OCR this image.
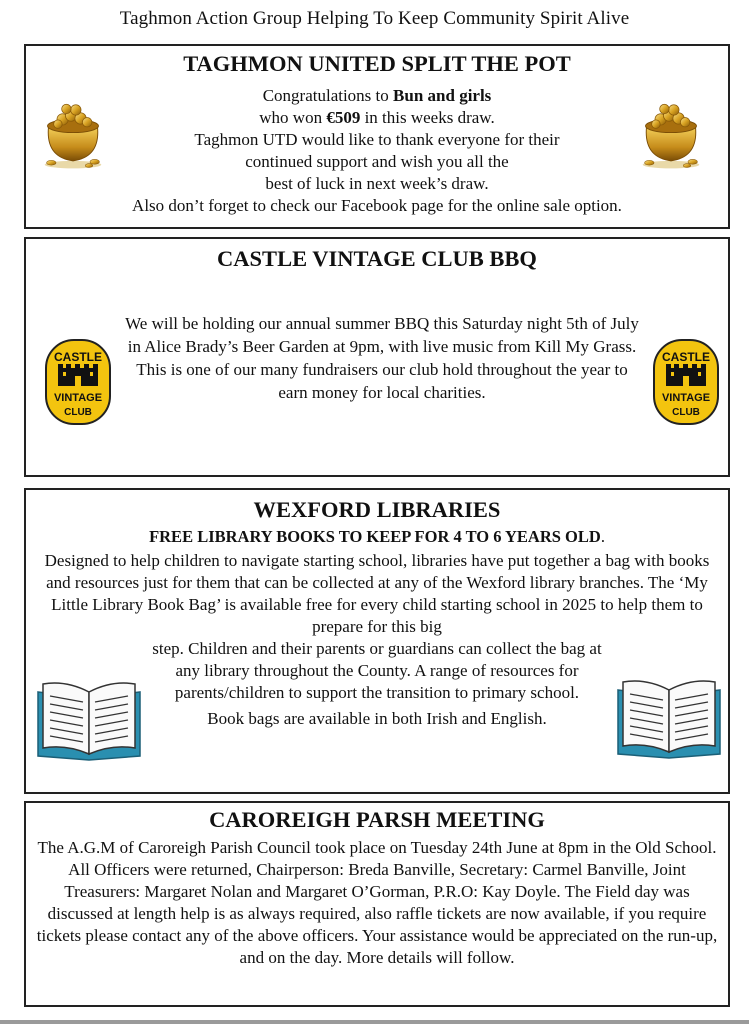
Taghmon Action Group Helping To Keep Community Spirit Alive
TAGHMON UNITED SPLIT THE POT
Congratulations to Bun and girls
who won €509 in this weeks draw.
Taghmon UTD would like to thank everyone for their
continued support and wish you all the
best of luck in next week’s draw.
Also don’t forget to check our Facebook page for the online sale option.
CASTLE VINTAGE CLUB BBQ
We will be holding our annual summer BBQ this Saturday night 5th of July in Alice Brady’s Beer Garden at 9pm, with live music from Kill My Grass. This is one of our many fundraisers our club hold throughout the year to earn money for local charities.
CASTLE
VINTAGE
CLUB
CASTLE
VINTAGE
CLUB
WEXFORD LIBRARIES
FREE LIBRARY BOOKS TO KEEP FOR 4 TO 6 YEARS OLD.
Designed to help children to navigate starting school, libraries have put together a bag with books and resources just for them that can be collected at any of the Wexford library branches. The ‘My Little Library Book Bag’ is available free for every child starting school in 2025 to help them to prepare for this big
step. Children and their parents or guardians can collect the bag at any library throughout the County. A range of resources for parents/children to support the transition to primary school.
Book bags are available in both Irish and English.
CAROREIGH PARSH MEETING
The A.G.M of Caroreigh Parish Council took place on Tuesday 24th June at 8pm in the Old School. All Officers were returned, Chairperson: Breda Banville, Secretary: Carmel Banville, Joint Treasurers: Margaret Nolan and Margaret O’Gorman, P.R.O: Kay Doyle. The Field day was discussed at length help is as always required, also raffle tickets are now available, if you require tickets please contact any of the above officers. Your assistance would be appreciated on the run-up, and on the day. More details will follow.
